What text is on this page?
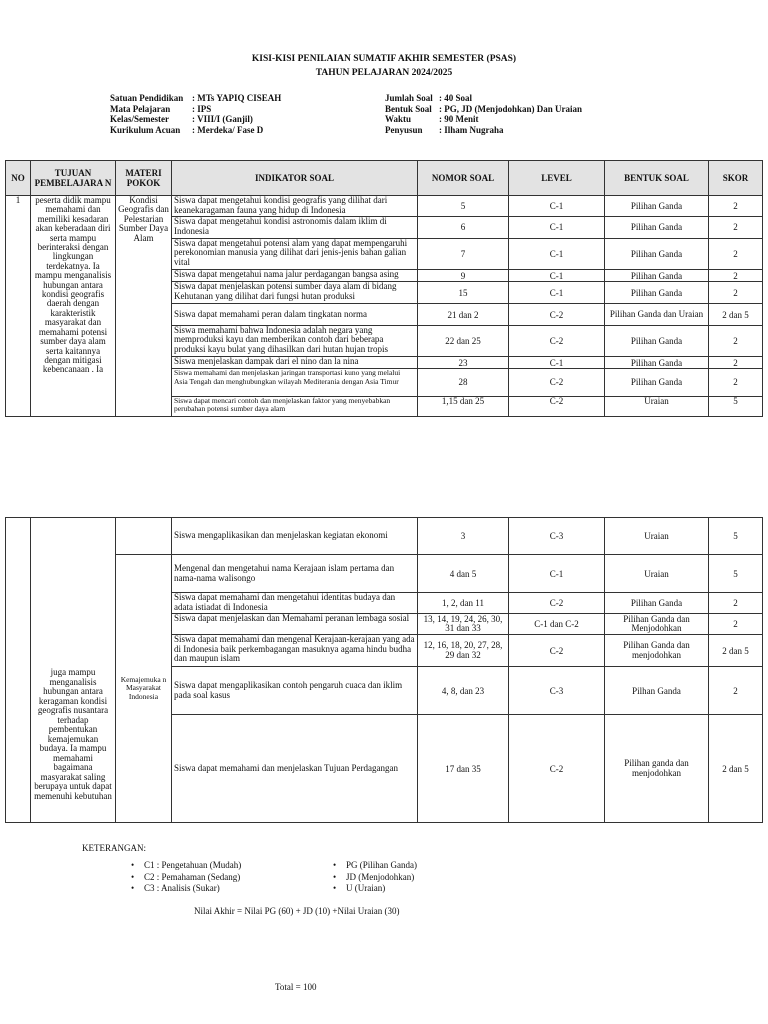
KISI-KISI PENILAIAN SUMATIF AKHIR SEMESTER (PSAS)
TAHUN PELAJARAN 2024/2025
Satuan Pendidikan : MTs YAPIQ CISEAH
Mata Pelajaran : IPS
Kelas/Semester	: VIII/I (Ganjil)
Kurikulum Acuan : Merdeka/ Fase D
Jumlah Soal : 40 Soal
Bentuk Soal : PG, JD (Menjodohkan) Dan Uraian
Waktu	: 90 Menit
Penyusun : Ilham Nugraha
NO	TUJUAN PEMBELAJARA N	MATERI POKOK	INDIKATOR SOAL	NOMOR SOAL	LEVEL	BENTUK SOAL	SKOR
1	peserta didik mampu memahami dan memiliki kesadaran akan keberadaan diri serta mampu berinteraksi dengan lingkungan terdekatnya. Ia mampu menganalisis hubungan antara kondisi geografis daerah dengan karakteristik masyarakat dan memahami potensi sumber daya alam serta kaitannya dengan mitigasi kebencanaan . Ia	Kondisi Geografis dan Pelestarian Sumber Daya Alam	Siswa dapat mengetahui kondisi geografis yang dilihat dari keanekaragaman fauna yang hidup di Indonesia	5	C-1	Pilihan Ganda	2
			Siswa dapat mengetahui kondisi astronomis dalam iklim di Indonesia	6	C-1	Pilihan Ganda	2
			Siswa dapat mengetahui potensi alam yang dapat mempengaruhi perekonomian manusia yang dilihat dari jenis-jenis bahan galian vital	7	C-1	Pilihan Ganda	2
			Siswa dapat mengetahui nama jalur perdagangan bangsa asing	9	C-1	Pilihan Ganda	2
			Siswa dapat menjelaskan potensi sumber daya alam di bidang Kehutanan yang dilihat dari fungsi hutan produksi	15	C-1	Pilihan Ganda	2
			Siswa dapat memahami peran dalam tingkatan norma	21 dan 2	C-2	Pilihan Ganda dan Uraian	2 dan 5
			Siswa memahami bahwa Indonesia adalah negara yang memproduksi kayu dan memberikan contoh dari beberapa produksi kayu bulat yang dihasilkan dari hutan hujan tropis	22 dan 25	C-2	Pilihan Ganda	2
			Siswa menjelaskan dampak dari el nino dan la nina	23	C-1	Pilihan Ganda	2
			Siswa memahami dan menjelaskan jaringan transportasi kuno yang melalui Asia Tengah dan menghubungkan wilayah Mediterania dengan Asia Timur	28	C-2	Pilihan Ganda	2
			Siswa dapat mencari contoh dan menjelaskan faktor yang menyebabkan perubahan potensi sumber daya alam	1,15 dan 25	C-2	Uraian	5

	juga mampu menganalisis hubungan antara keragaman kondisi geografis nusantara terhadap pembentukan kemajemukan budaya. Ia mampu memahami bagaimana masyarakat saling berupaya untuk dapat memenuhi kebutuhan		Siswa mengaplikasikan dan menjelaskan kegiatan ekonomi	3	C-3	Uraian	5
		Kemajemuka n Masyarakat Indonesia	Mengenal dan mengetahui nama Kerajaan islam pertama dan nama-nama walisongo	4 dan 5	C-1	Uraian	5
			Siswa dapat memahami dan mengetahui identitas budaya dan adata istiadat di Indonesia	1, 2, dan 11	C-2	Pilihan Ganda	2
			Siswa dapat menjelaskan dan Memahami peranan lembaga sosial	13, 14, 19, 24, 26, 30, 31 dan 33	C-1 dan C-2	Pilihan Ganda dan Menjodohkan	2
			Siswa dapat memahami dan mengenal Kerajaan-kerajaan yang ada di Indonesia baik perkembagangan masuknya agama hindu budha dan maupun islam	12, 16, 18, 20, 27, 28, 29 dan 32	C-2	Pilihan Ganda dan menjodohkan	2 dan 5
			Siswa dapat mengaplikasikan contoh pengaruh cuaca dan iklim pada soal kasus	4, 8, dan 23	C-3	Pilhan Ganda	2
			Siswa dapat memahami dan menjelaskan Tujuan Perdagangan	17 dan 35	C-2	Pilihan ganda dan menjodohkan	2 dan 5
KETERANGAN:
• C1 : Pengetahuan (Mudah)
• C2 : Pemahaman (Sedang)
• C3 : Analisis (Sukar)
• PG (Pilihan Ganda)
• JD (Menjodohkan)
• U (Uraian)
Nilai Akhir = Nilai PG (60) + JD (10) +Nilai Uraian (30)
Total = 100
